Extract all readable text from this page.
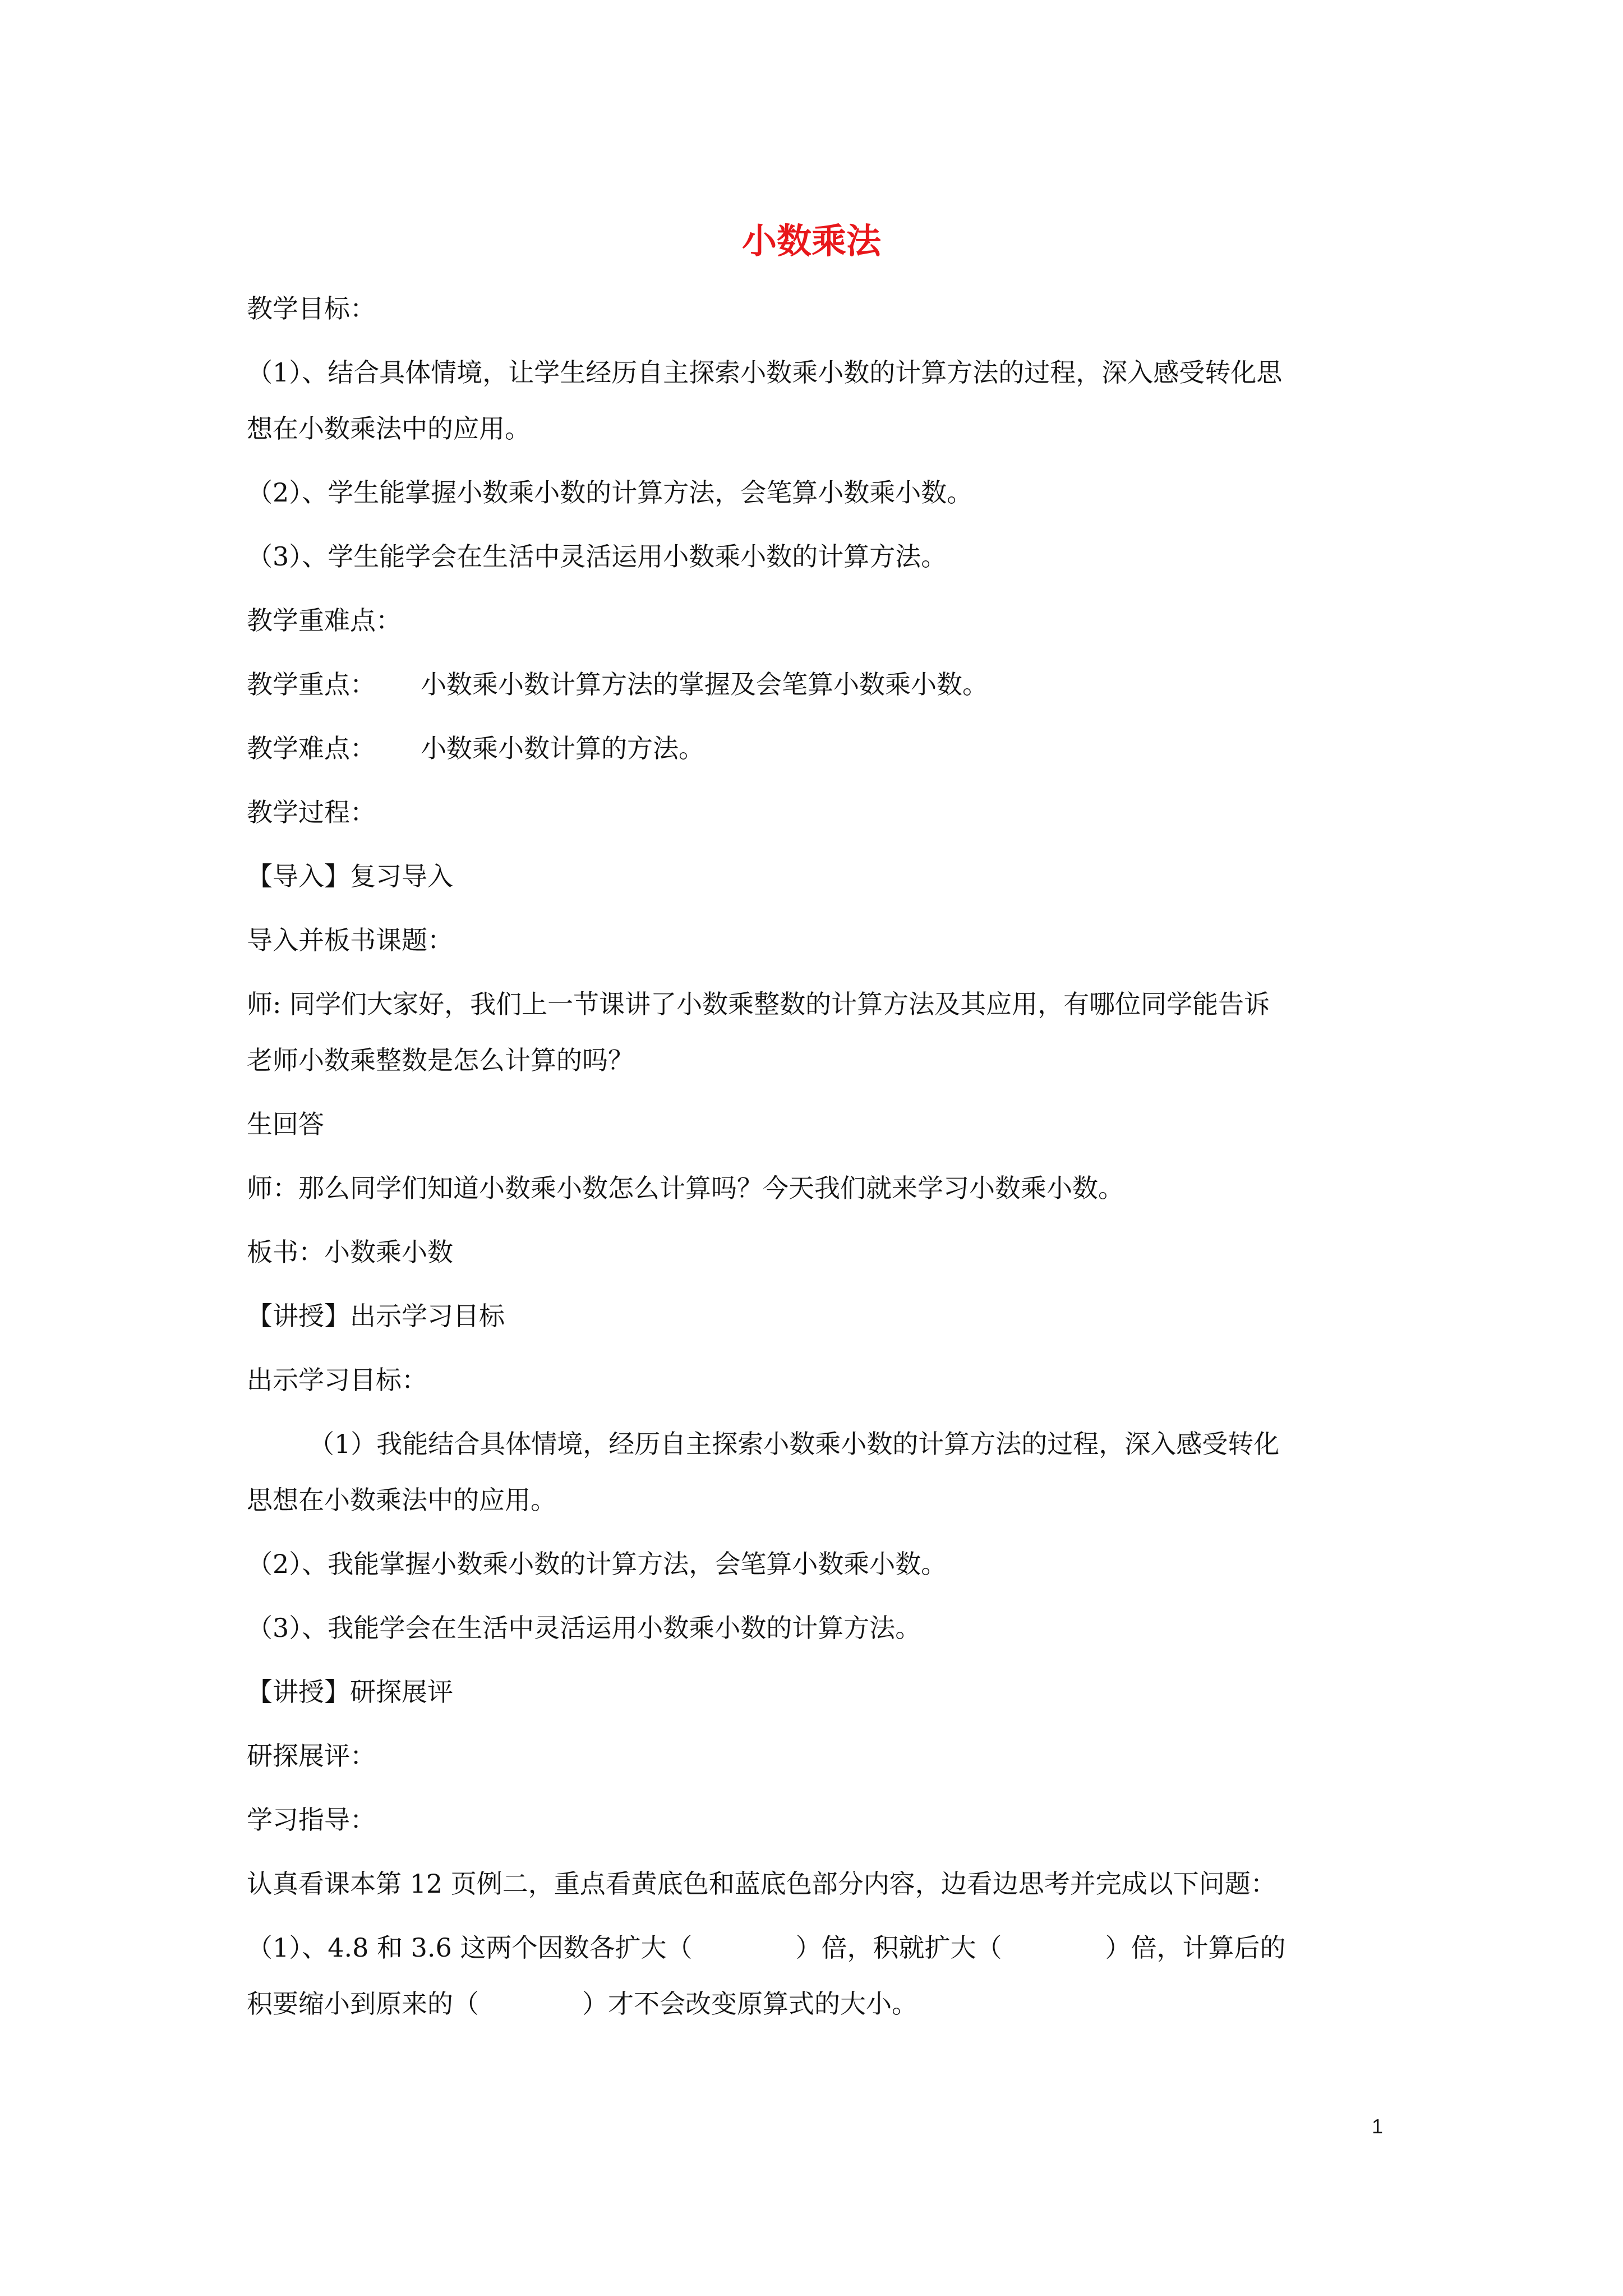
小数乘法
教学目标：
（1）、结合具体情境，让学生经历自主探索小数乘小数的计算方法的过程，深入感受转化思
想在小数乘法中的应用。
（2）、学生能掌握小数乘小数的计算方法，会笔算小数乘小数。
（3）、学生能学会在生活中灵活运用小数乘小数的计算方法。
教学重难点：
教学重点： 小数乘小数计算方法的掌握及会笔算小数乘小数。
教学难点： 小数乘小数计算的方法。
教学过程：
【导入】复习导入
导入并板书课题：
师: 同学们大家好，我们上一节课讲了小数乘整数的计算方法及其应用，有哪位同学能告诉
老师小数乘整数是怎么计算的吗？
生回答
师：那么同学们知道小数乘小数怎么计算吗？今天我们就来学习小数乘小数。
板书：小数乘小数
【讲授】出示学习目标
出示学习目标：
（1）我能结合具体情境，经历自主探索小数乘小数的计算方法的过程，深入感受转化
思想在小数乘法中的应用。
（2）、我能掌握小数乘小数的计算方法，会笔算小数乘小数。
（3）、我能学会在生活中灵活运用小数乘小数的计算方法。
【讲授】研探展评
研探展评：
学习指导：
认真看课本第 12 页例二，重点看黄底色和蓝底色部分内容，边看边思考并完成以下问题：
（1）、4.8 和 3.6 这两个因数各扩大（　　　　）倍，积就扩大（　　　　）倍，计算后的
积要缩小到原来的（　　　　）才不会改变原算式的大小。
1
